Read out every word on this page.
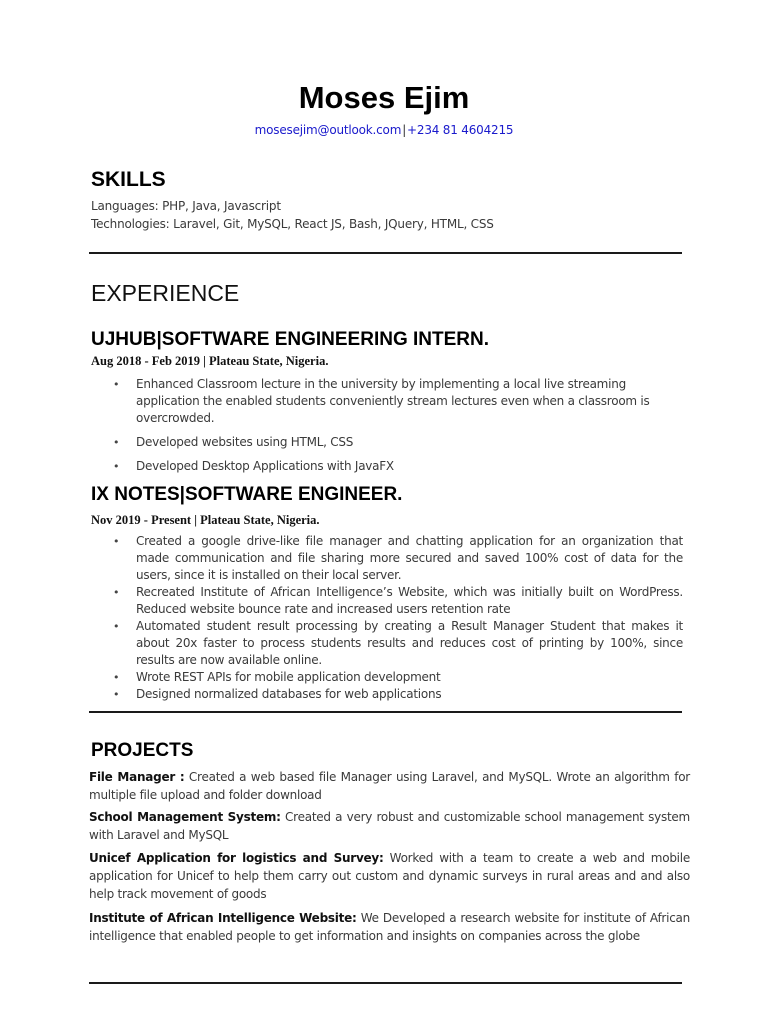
Moses Ejim
mosesejim@outlook.com|+234 81 4604215
SKILLS
Languages: PHP, Java, Javascript
Technologies: Laravel, Git, MySQL, React JS, Bash, JQuery, HTML, CSS
EXPERIENCE
UJHUB|SOFTWARE ENGINEERING INTERN.
Aug 2018 - Feb 2019 | Plateau State, Nigeria.
• Enhanced Classroom lecture in the university by implementing a local live streaming application the enabled students conveniently stream lectures even when a classroom is overcrowded.
• Developed websites using HTML, CSS
• Developed Desktop Applications with JavaFX
IX NOTES|SOFTWARE ENGINEER.
Nov 2019 - Present | Plateau State, Nigeria.
• Created a google drive-like file manager and chatting application for an organization that made communication and file sharing more secured and saved 100% cost of data for the users, since it is installed on their local server.
• Recreated Institute of African Intelligence’s Website, which was initially built on WordPress. Reduced website bounce rate and increased users retention rate
• Automated student result processing by creating a Result Manager Student that makes it about 20x faster to process students results and reduces cost of printing by 100%, since results are now available online.
• Wrote REST APIs for mobile application development
• Designed normalized databases for web applications
PROJECTS
File Manager : Created a web based file Manager using Laravel, and MySQL. Wrote an algorithm for multiple file upload and folder download
School Management System: Created a very robust and customizable school management system with Laravel and MySQL
Unicef Application for logistics and Survey: Worked with a team to create a web and mobile application for Unicef to help them carry out custom and dynamic surveys in rural areas and and also help track movement of goods
Institute of African Intelligence Website: We Developed a research website for institute of African intelligence that enabled people to get information and insights on companies across the globe
